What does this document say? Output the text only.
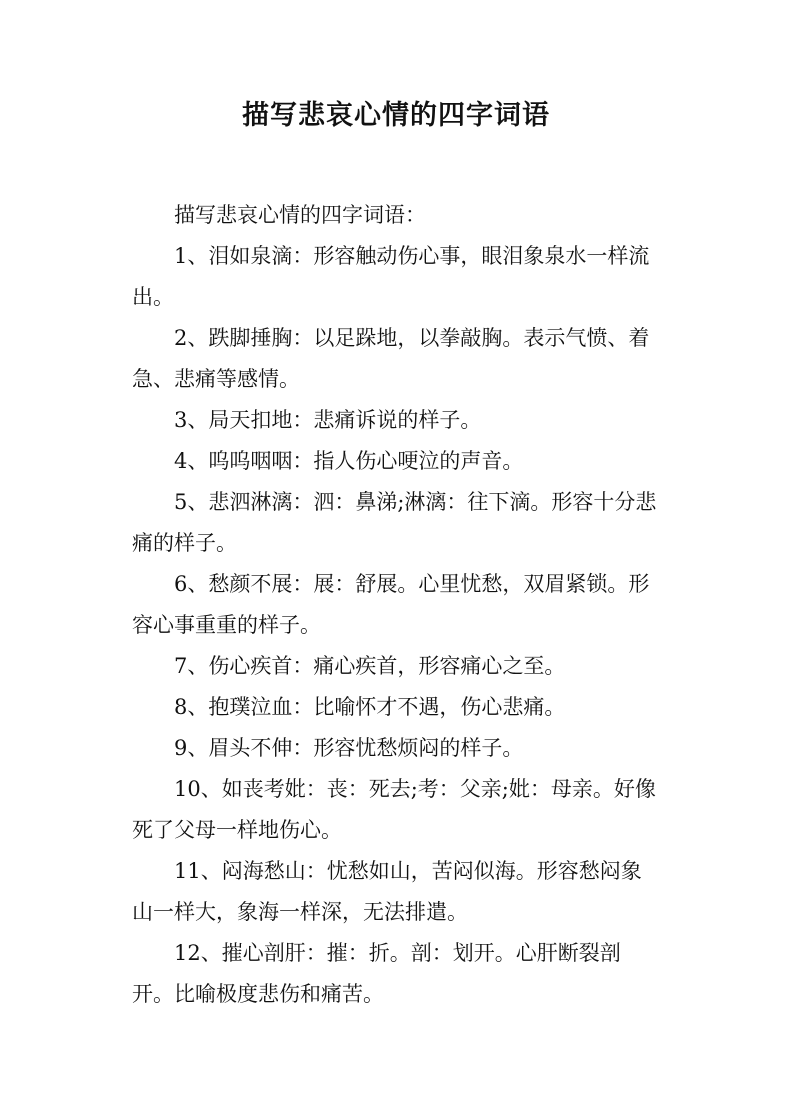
描写悲哀心情的四字词语

描写悲哀心情的四字词语：

1、泪如泉滴：形容触动伤心事，眼泪象泉水一样流出。

2、跌脚捶胸：以足跺地，以拳敲胸。表示气愤、着急、悲痛等感情。

3、局天扣地：悲痛诉说的样子。

4、呜呜咽咽：指人伤心哽泣的声音。

5、悲泗淋漓：泗：鼻涕;淋漓：往下滴。形容十分悲痛的样子。

6、愁颜不展：展：舒展。心里忧愁，双眉紧锁。形容心事重重的样子。

7、伤心疾首：痛心疾首，形容痛心之至。

8、抱璞泣血：比喻怀才不遇，伤心悲痛。

9、眉头不伸：形容忧愁烦闷的样子。

10、如丧考妣：丧：死去;考：父亲;妣：母亲。好像死了父母一样地伤心。

11、闷海愁山：忧愁如山，苦闷似海。形容愁闷象山一样大，象海一样深，无法排遣。

12、摧心剖肝：摧：折。剖：划开。心肝断裂剖开。比喻极度悲伤和痛苦。
